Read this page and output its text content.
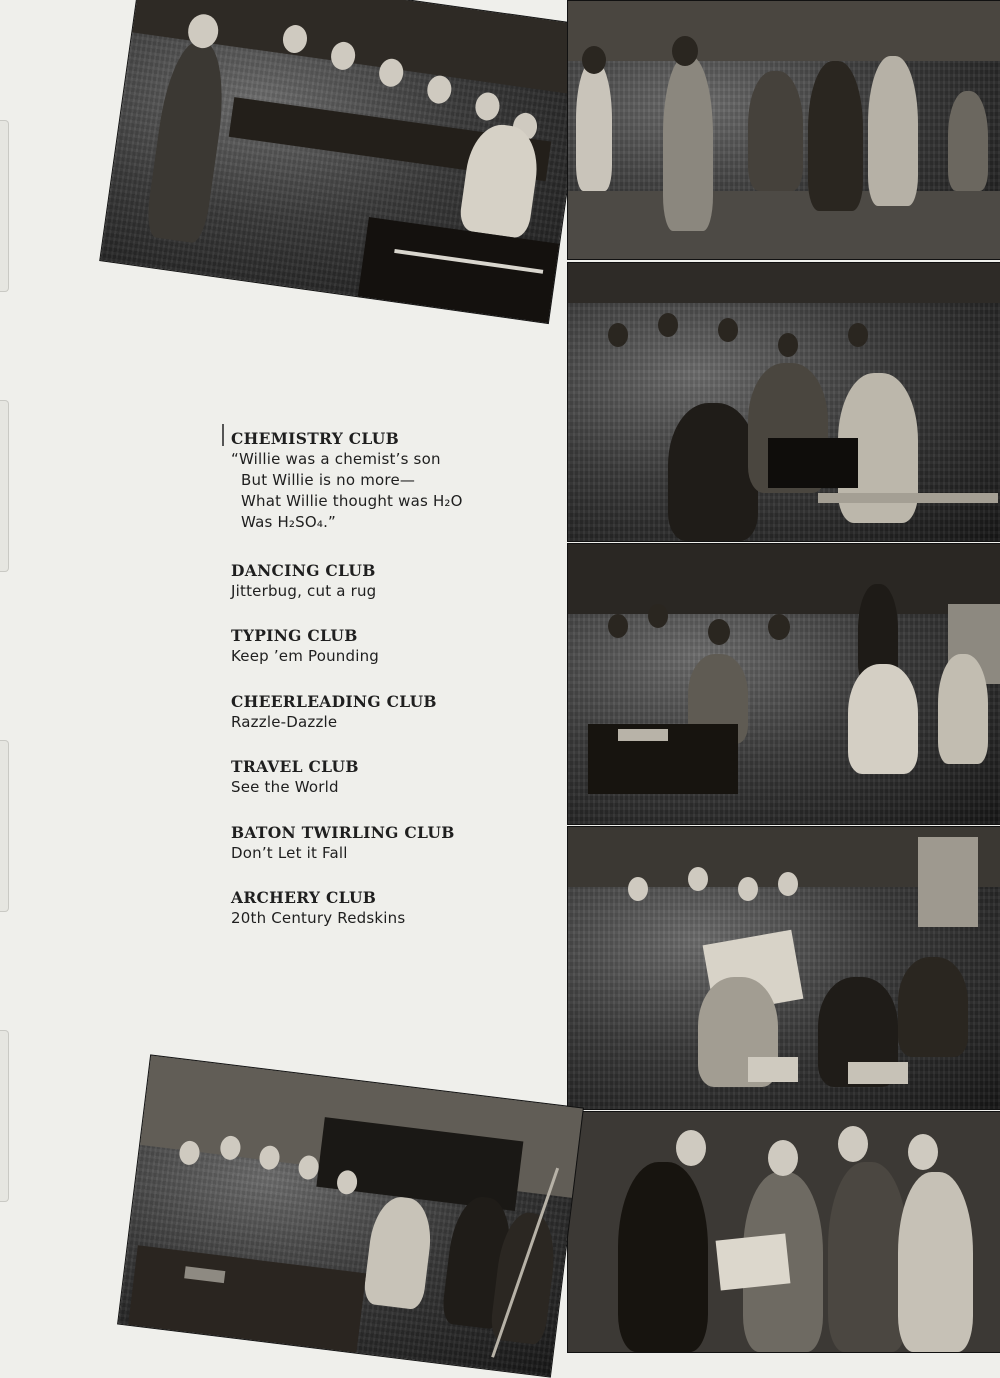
CHEMISTRY CLUB
“Willie was a chemist’s son
But Willie is no more—
What Willie thought was H₂O
Was H₂SO₄.”
DANCING CLUB
Jitterbug, cut a rug
TYPING CLUB
Keep ’em Pounding
CHEERLEADING CLUB
Razzle-Dazzle
TRAVEL CLUB
See the World
BATON TWIRLING CLUB
Don’t Let it Fall
ARCHERY CLUB
20th Century Redskins
